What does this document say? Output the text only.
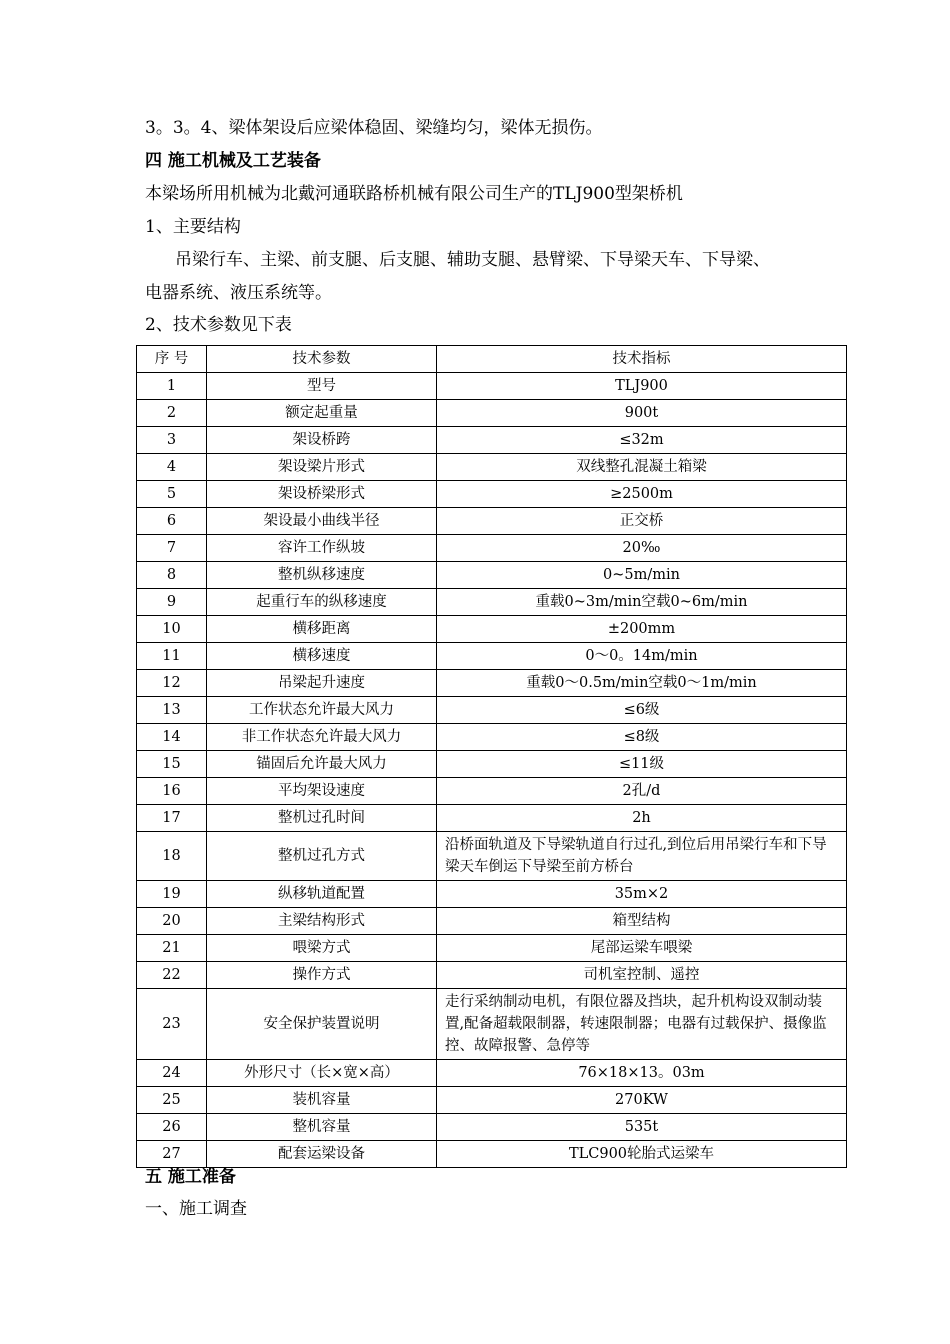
3。3。4、梁体架设后应梁体稳固、梁缝均匀，梁体无损伤。
四 施工机械及工艺装备
本梁场所用机械为北戴河通联路桥机械有限公司生产的TLJ900型架桥机
1、主要结构
吊梁行车、主梁、前支腿、后支腿、辅助支腿、悬臂梁、下导梁天车、下导梁、
电器系统、液压系统等。
2、技术参数见下表
序 号	技术参数	技术指标
1	型号	TLJ900
2	额定起重量	900t
3	架设桥跨	≤32m
4	架设梁片形式	双线整孔混凝土箱梁
5	架设桥梁形式	≥2500m
6	架设最小曲线半径	正交桥
7	容许工作纵坡	20‰
8	整机纵移速度	0~5m/min
9	起重行车的纵移速度	重载0~3m/min空载0~6m/min
10	横移距离	±200mm
11	横移速度	0～0。14m/min
12	吊梁起升速度	重载0～0.5m/min空载0～1m/min
13	工作状态允许最大风力	≤6级
14	非工作状态允许最大风力	≤8级
15	锚固后允许最大风力	≤11级
16	平均架设速度	2孔/d
17	整机过孔时间	2h
18	整机过孔方式	沿桥面轨道及下导梁轨道自行过孔,到位后用吊梁行车和下导梁天车倒运下导梁至前方桥台
19	纵移轨道配置	35m×2
20	主梁结构形式	箱型结构
21	喂梁方式	尾部运梁车喂梁
22	操作方式	司机室控制、遥控
23	安全保护装置说明	走行采纳制动电机，有限位器及挡块，起升机构设双制动装置,配备超载限制器，转速限制器；电器有过载保护、摄像监控、故障报警、急停等
24	外形尺寸（长×宽×高）	76×18×13。03m
25	装机容量	270KW
26	整机容量	535t
27	配套运梁设备	TLC900轮胎式运梁车
五 施工准备
一、施工调查
